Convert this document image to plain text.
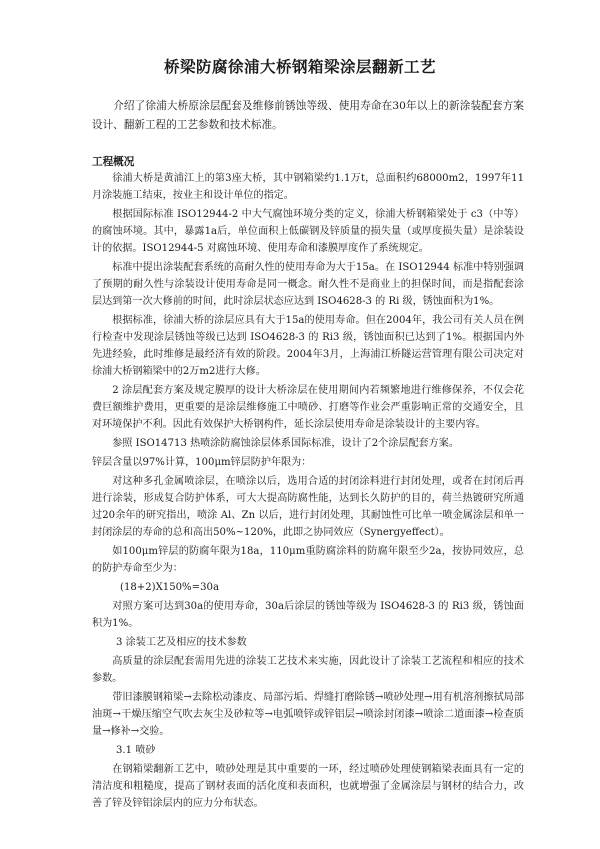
桥梁防腐徐浦大桥钢箱梁涂层翻新工艺
介绍了徐浦大桥原涂层配套及维修前锈蚀等级、使用寿命在30年以上的新涂装配套方案设计、翻新工程的工艺参数和技术标准。
工程概况

徐浦大桥是黄浦江上的第3座大桥，其中钢箱梁约1.1万t，总面积约68000m2，1997年11月涂装施工结束，按业主和设计单位的指定。

根据国际标准 ISO12944-2 中大气腐蚀环境分类的定义，徐浦大桥钢箱梁处于 c3（中等）的腐蚀环境。其中，暴露1a后，单位面积上低碳钢及锌质量的损失量（或厚度损失量）是涂装设计的依据。ISO12944-5 对腐蚀环境、使用寿命和漆膜厚度作了系统规定。

标准中提出涂装配套系统的高耐久性的使用寿命为大于15a。在 ISO12944 标准中特别强调了预期的耐久性与涂装设计使用寿命是同一概念。耐久性不是商业上的担保时间，而是指配套涂层达到第一次大修前的时间，此时涂层状态应达到 ISO4628-3 的 Ri 级，锈蚀面积为1%。

根据标准，徐浦大桥的涂层应具有大于15a的使用寿命。但在2004年，我公司有关人员在例行检查中发现涂层锈蚀等级已达到 ISO4628-3 的 Ri3 级，锈蚀面积已达到了1%。根据国内外先进经验，此时维修是最经济有效的阶段。2004年3月，上海浦江桥隧运营管理有限公司决定对徐浦大桥钢箱梁中的2万m2进行大修。

2 涂层配套方案及规定膜厚的设计大桥涂层在使用期间内若频繁地进行维修保养，不仅会花费巨额维护费用，更重要的是涂层维修施工中喷砂、打磨等作业会严重影响正常的交通安全，且对环境保护不利。因此有效保护大桥钢构件，延长涂层使用寿命是涂装设计的主要内容。

参照 ISO14713 热喷涂防腐蚀涂层体系国际标准，设计了2个涂层配套方案。

锌层含量以97%计算，100μm锌层防护年限为：

对这种多孔金属喷涂层，在喷涂以后，选用合适的封闭涂料进行封闭处理，或者在封闭后再进行涂装，形成复合防护体系，可大大提高防腐性能，达到长久防护的目的，荷兰热镀研究所通过20余年的研究指出，喷涂 Al、Zn 以后，进行封闭处理，其耐蚀性可比单一喷金属涂层和单一封闭涂层的寿命的总和高出50%~120%，此即之协同效应（Synergyeffect）。

如100μm锌层的防腐年限为18a，110μm重防腐涂料的防腐年限至少2a，按协同效应，总的防护寿命至少为：

(18+2)X150%=30a

对照方案可达到30a的使用寿命，30a后涂层的锈蚀等级为 ISO4628-3 的 Ri3 级，锈蚀面积为1%。

3 涂装工艺及相应的技术参数

高质量的涂层配套需用先进的涂装工艺技术来实施，因此设计了涂装工艺流程和相应的技术参数。

带旧漆膜钢箱梁→去除松动漆皮、局部污垢、焊缝打磨除锈→喷砂处理→用有机溶剂擦拭局部油斑→干燥压缩空气吹去灰尘及砂粒等→电弧喷锌或锌铝层→喷涂封闭漆→喷涂二道面漆→检查质量→修补→交验。

3.1 喷砂

在钢箱梁翻新工艺中，喷砂处理是其中重要的一环，经过喷砂处理使钢箱梁表面具有一定的清洁度和粗糙度，提高了钢材表面的活化度和表面积，也就增强了金属涂层与钢材的结合力，改善了锌及锌铝涂层内的应力分布状态。
